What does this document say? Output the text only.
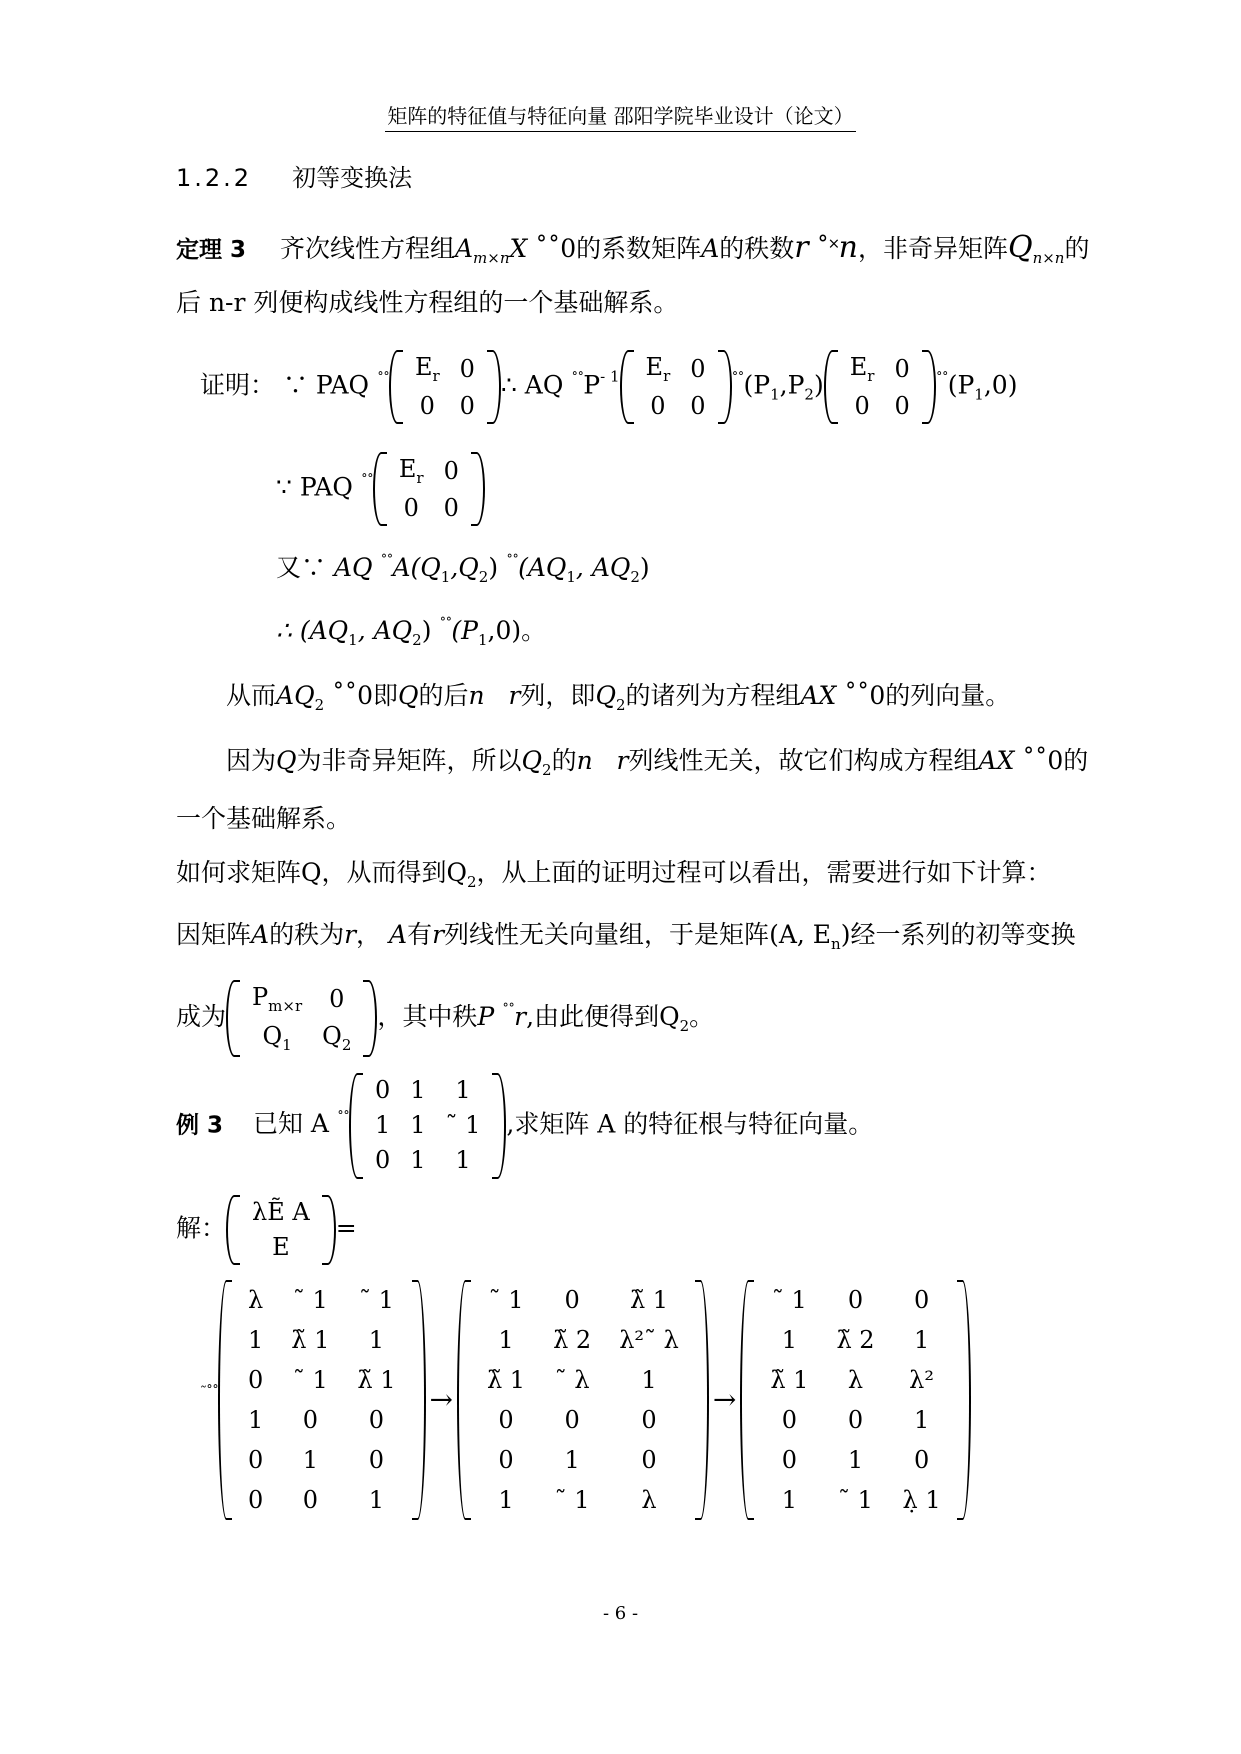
矩阵的特征值与特征向量 邵阳学院毕业设计（论文）
1.2.2 初等变换法
定理 3 齐次线性方程组$A_{m\times n}X$ ˚˚0的系数矩阵A的秩数r ˚˟n，非奇异矩阵$Q_{n\times n}$的
后 n-r 列便构成线性方程组的一个基础解系。
证明： ∵ PAQ ˚˚ $E_r$	0
0	0
∴ AQ $^{˚˚}P^{- 1}$ $E_r$	0
0	0
$^{˚˚}(P_1,P_2)$
$E_r$	0
0	0
$^{˚˚}(P_1,0)$
∵ PAQ ˚˚ $E_r$	0
0	0
又∵ AQ $^{˚˚}A(Q_1,Q_2)$ $^{˚˚}(AQ_1$, $AQ_2$)
∴ ($AQ_1$, $AQ_2$) $^{˚˚}(P_1,0)$。
从而$AQ_2$ ˚˚0即Q的后n r列，即$Q_2$的诸列为方程组AX ˚˚0的列向量。
因为Q为非奇异矩阵，所以$Q_2$的n r列线性无关，故它们构成方程组AX ˚˚0的
一个基础解系。
如何求矩阵Q，从而得到$Q_2$，从上面的证明过程可以看出，需要进行如下计算：
因矩阵A的秩为r， A有r列线性无关向量组，于是矩阵(A, $E_n$)经一系列的初等变换
成为
$P_{m\times r}$	0
$Q_1$	$Q_2$
，其中秩P ˚˚r,由此便得到$Q_2$。
例 3 已知 A ˚˚
0	1	1
1	1	˜ 1
0	1	1
,求矩阵 A 的特征根与特征向量。
解：
λẼ A
E
=
˜˚˚
λ	˜ 1	˜ 1
1	λ̃ 1	1
0	˜ 1	λ̃ 1
1	0	0
0	1	0
0	0	1
→
˜ 1	0	λ̃ 1
1	λ̃ 2	λ²˜ λ
λ̃ 1	˜ λ	1
0	0	0
0	1	0
1	˜ 1	λ
→
˜ 1	0	0
1	λ̃ 2	1
λ̃ 1	λ	λ²
0	0	1
0	1	0
1	˜ 1	λ̣ 1
- 6 -
